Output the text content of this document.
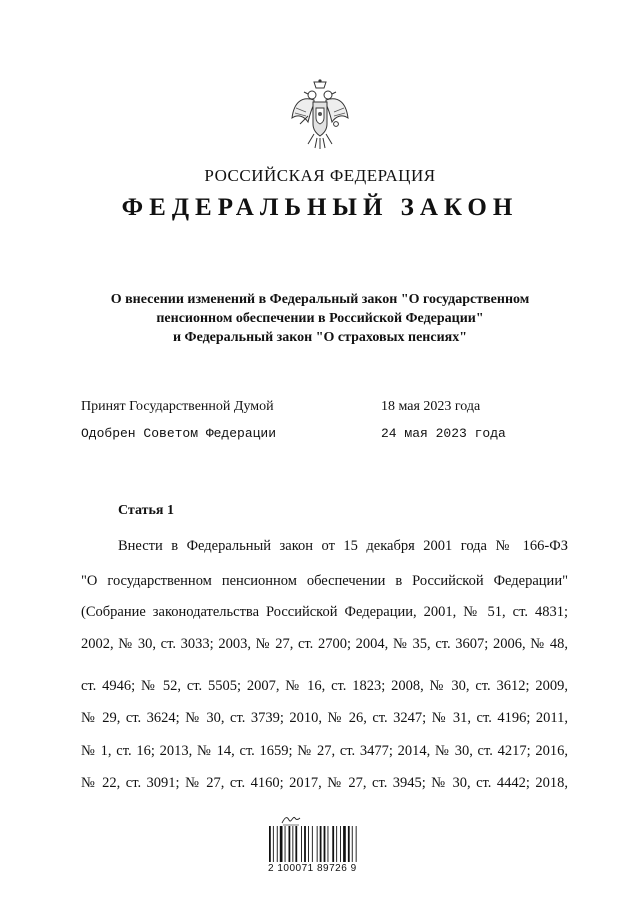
РОССИЙСКАЯ ФЕДЕРАЦИЯ
ФЕДЕРАЛЬНЫЙ ЗАКОН
О внесении изменений в Федеральный закон "О государственном
пенсионном обеспечении в Российской Федерации"
и Федеральный закон "О страховых пенсиях"
Принят Государственной Думой	18 мая 2023 года
Одобрен Советом Федерации	24 мая 2023 года
Статья 1
Внести в Федеральный закон от 15 декабря 2001 года № 166-ФЗ
"О государственном пенсионном обеспечении в Российской Федерации"
(Собрание законодательства Российской Федерации, 2001, № 51, ст. 4831;
2002, № 30, ст. 3033; 2003, № 27, ст. 2700; 2004, № 35, ст. 3607; 2006, № 48,
ст. 4946; № 52, ст. 5505; 2007, № 16, ст. 1823; 2008, № 30, ст. 3612; 2009,
№ 29, ст. 3624; № 30, ст. 3739; 2010, № 26, ст. 3247; № 31, ст. 4196; 2011,
№ 1, ст. 16; 2013, № 14, ст. 1659; № 27, ст. 3477; 2014, № 30, ст. 4217; 2016,
№ 22, ст. 3091; № 27, ст. 4160; 2017, № 27, ст. 3945; № 30, ст. 4442; 2018,
2 100071 89726 9
